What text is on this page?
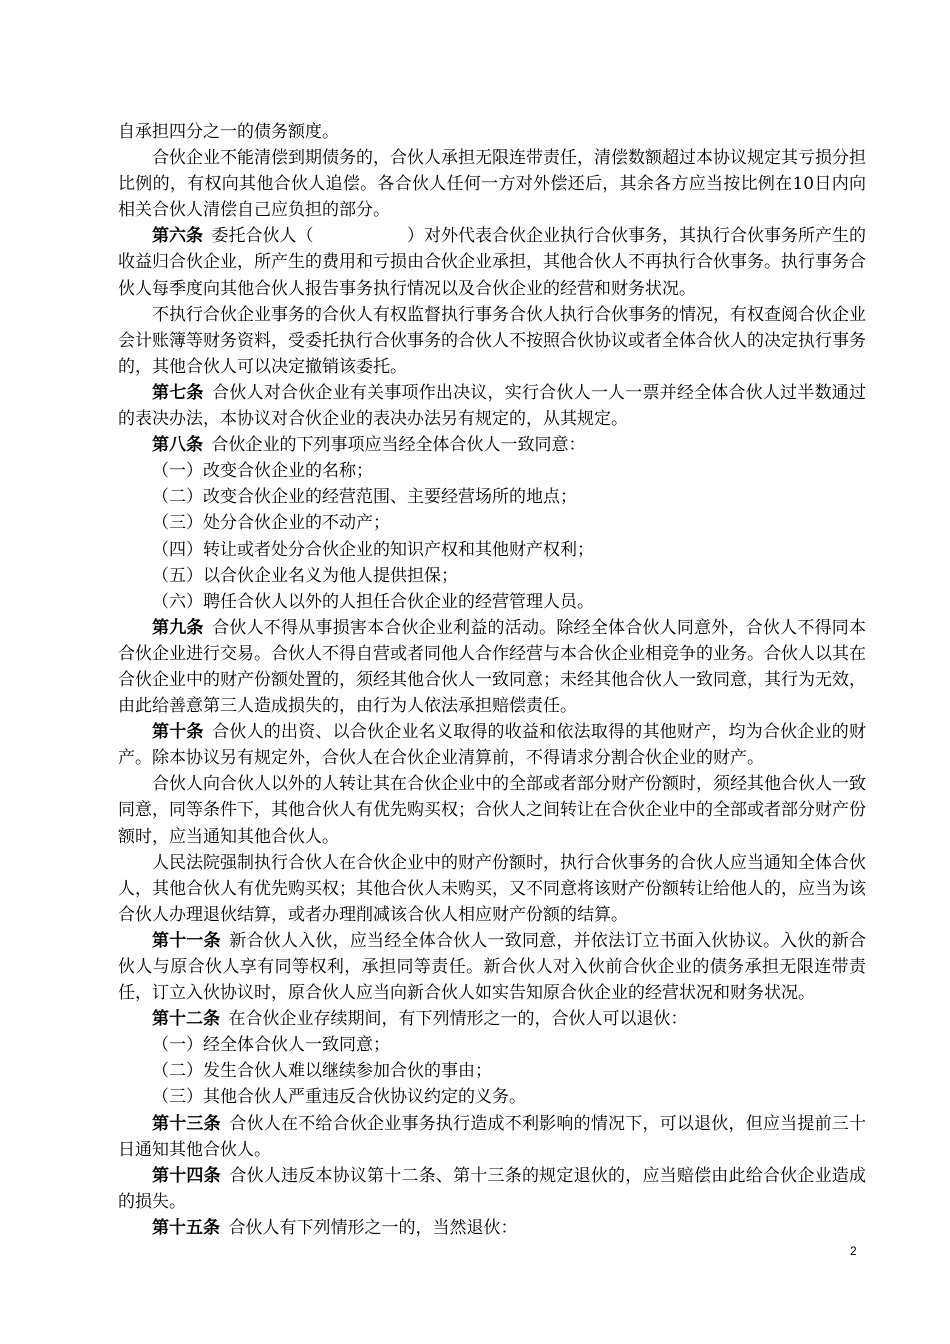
自承担四分之一的债务额度。

合伙企业不能清偿到期债务的，合伙人承担无限连带责任，清偿数额超过本协议规定其亏损分担比例的，有权向其他合伙人追偿。各合伙人任何一方对外偿还后，其余各方应当按比例在10日内向相关合伙人清偿自己应负担的部分。

第六条 委托合伙人（	）对外代表合伙企业执行合伙事务，其执行合伙事务所产生的收益归合伙企业，所产生的费用和亏损由合伙企业承担，其他合伙人不再执行合伙事务。执行事务合伙人每季度向其他合伙人报告事务执行情况以及合伙企业的经营和财务状况。

不执行合伙企业事务的合伙人有权监督执行事务合伙人执行合伙事务的情况，有权查阅合伙企业会计账簿等财务资料，受委托执行合伙事务的合伙人不按照合伙协议或者全体合伙人的决定执行事务的，其他合伙人可以决定撤销该委托。

第七条 合伙人对合伙企业有关事项作出决议，实行合伙人一人一票并经全体合伙人过半数通过的表决办法，本协议对合伙企业的表决办法另有规定的，从其规定。

第八条 合伙企业的下列事项应当经全体合伙人一致同意：

（一）改变合伙企业的名称；

（二）改变合伙企业的经营范围、主要经营场所的地点；

（三）处分合伙企业的不动产；

（四）转让或者处分合伙企业的知识产权和其他财产权利；

（五）以合伙企业名义为他人提供担保；

（六）聘任合伙人以外的人担任合伙企业的经营管理人员。

第九条 合伙人不得从事损害本合伙企业利益的活动。除经全体合伙人同意外，合伙人不得同本合伙企业进行交易。合伙人不得自营或者同他人合作经营与本合伙企业相竞争的业务。合伙人以其在合伙企业中的财产份额处置的，须经其他合伙人一致同意；未经其他合伙人一致同意，其行为无效，由此给善意第三人造成损失的，由行为人依法承担赔偿责任。

第十条 合伙人的出资、以合伙企业名义取得的收益和依法取得的其他财产，均为合伙企业的财产。除本协议另有规定外，合伙人在合伙企业清算前，不得请求分割合伙企业的财产。

合伙人向合伙人以外的人转让其在合伙企业中的全部或者部分财产份额时，须经其他合伙人一致同意，同等条件下，其他合伙人有优先购买权；合伙人之间转让在合伙企业中的全部或者部分财产份额时，应当通知其他合伙人。

人民法院强制执行合伙人在合伙企业中的财产份额时，执行合伙事务的合伙人应当通知全体合伙人，其他合伙人有优先购买权；其他合伙人未购买，又不同意将该财产份额转让给他人的，应当为该合伙人办理退伙结算，或者办理削减该合伙人相应财产份额的结算。

第十一条 新合伙人入伙，应当经全体合伙人一致同意，并依法订立书面入伙协议。入伙的新合伙人与原合伙人享有同等权利，承担同等责任。新合伙人对入伙前合伙企业的债务承担无限连带责任，订立入伙协议时，原合伙人应当向新合伙人如实告知原合伙企业的经营状况和财务状况。

第十二条 在合伙企业存续期间，有下列情形之一的，合伙人可以退伙：

（一）经全体合伙人一致同意；

（二）发生合伙人难以继续参加合伙的事由；

（三）其他合伙人严重违反合伙协议约定的义务。

第十三条 合伙人在不给合伙企业事务执行造成不利影响的情况下，可以退伙，但应当提前三十日通知其他合伙人。

第十四条 合伙人违反本协议第十二条、第十三条的规定退伙的，应当赔偿由此给合伙企业造成的损失。

第十五条 合伙人有下列情形之一的，当然退伙：

2
